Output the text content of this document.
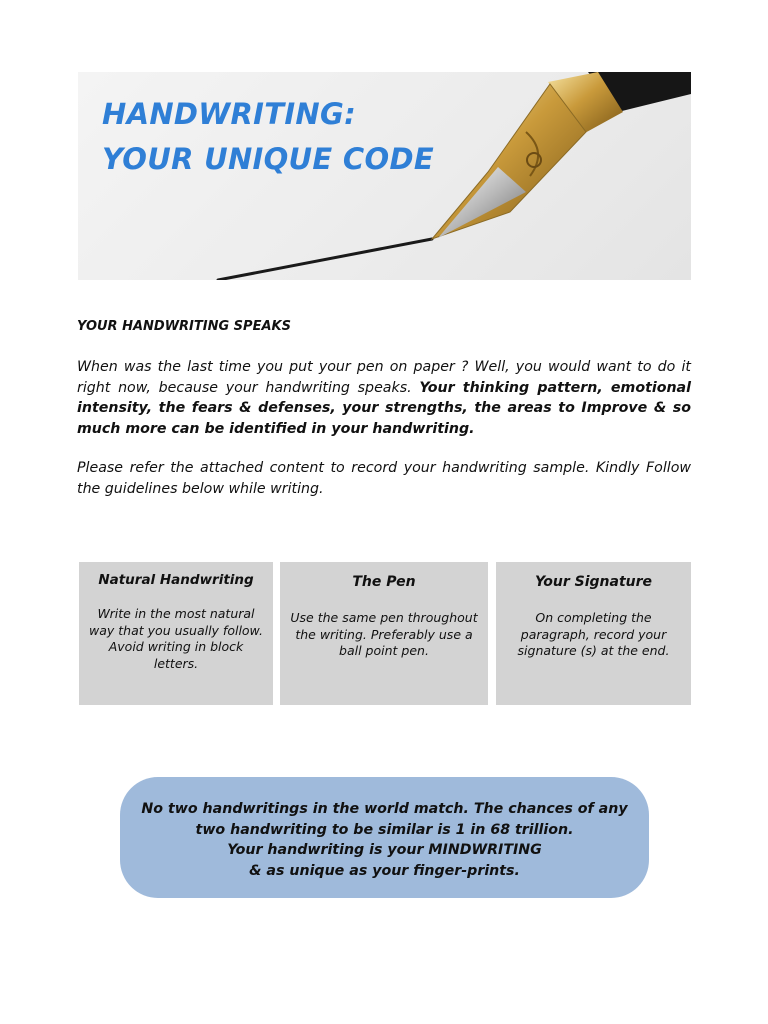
HANDWRITING:
YOUR UNIQUE CODE
YOUR HANDWRITING SPEAKS

When was the last time you put your pen on paper ? Well, you would want to do it right now, because your handwriting speaks. Your thinking pattern, emotional intensity, the fears & defenses, your strengths, the areas to Improve & so much more can be identified in your handwriting.

Please refer the attached content to record your handwriting sample. Kindly Follow the guidelines below while writing.

Natural Handwriting

Write in the most natural way that you usually follow. Avoid writing in block letters.

The Pen

Use the same pen throughout the writing. Preferably use a ball point pen.

Your Signature

On completing the paragraph, record your signature (s) at the end.

No two handwritings in the world match. The chances of any
two handwriting to be similar is 1 in 68 trillion.
Your handwriting is your MINDWRITING
& as unique as your finger-prints.
